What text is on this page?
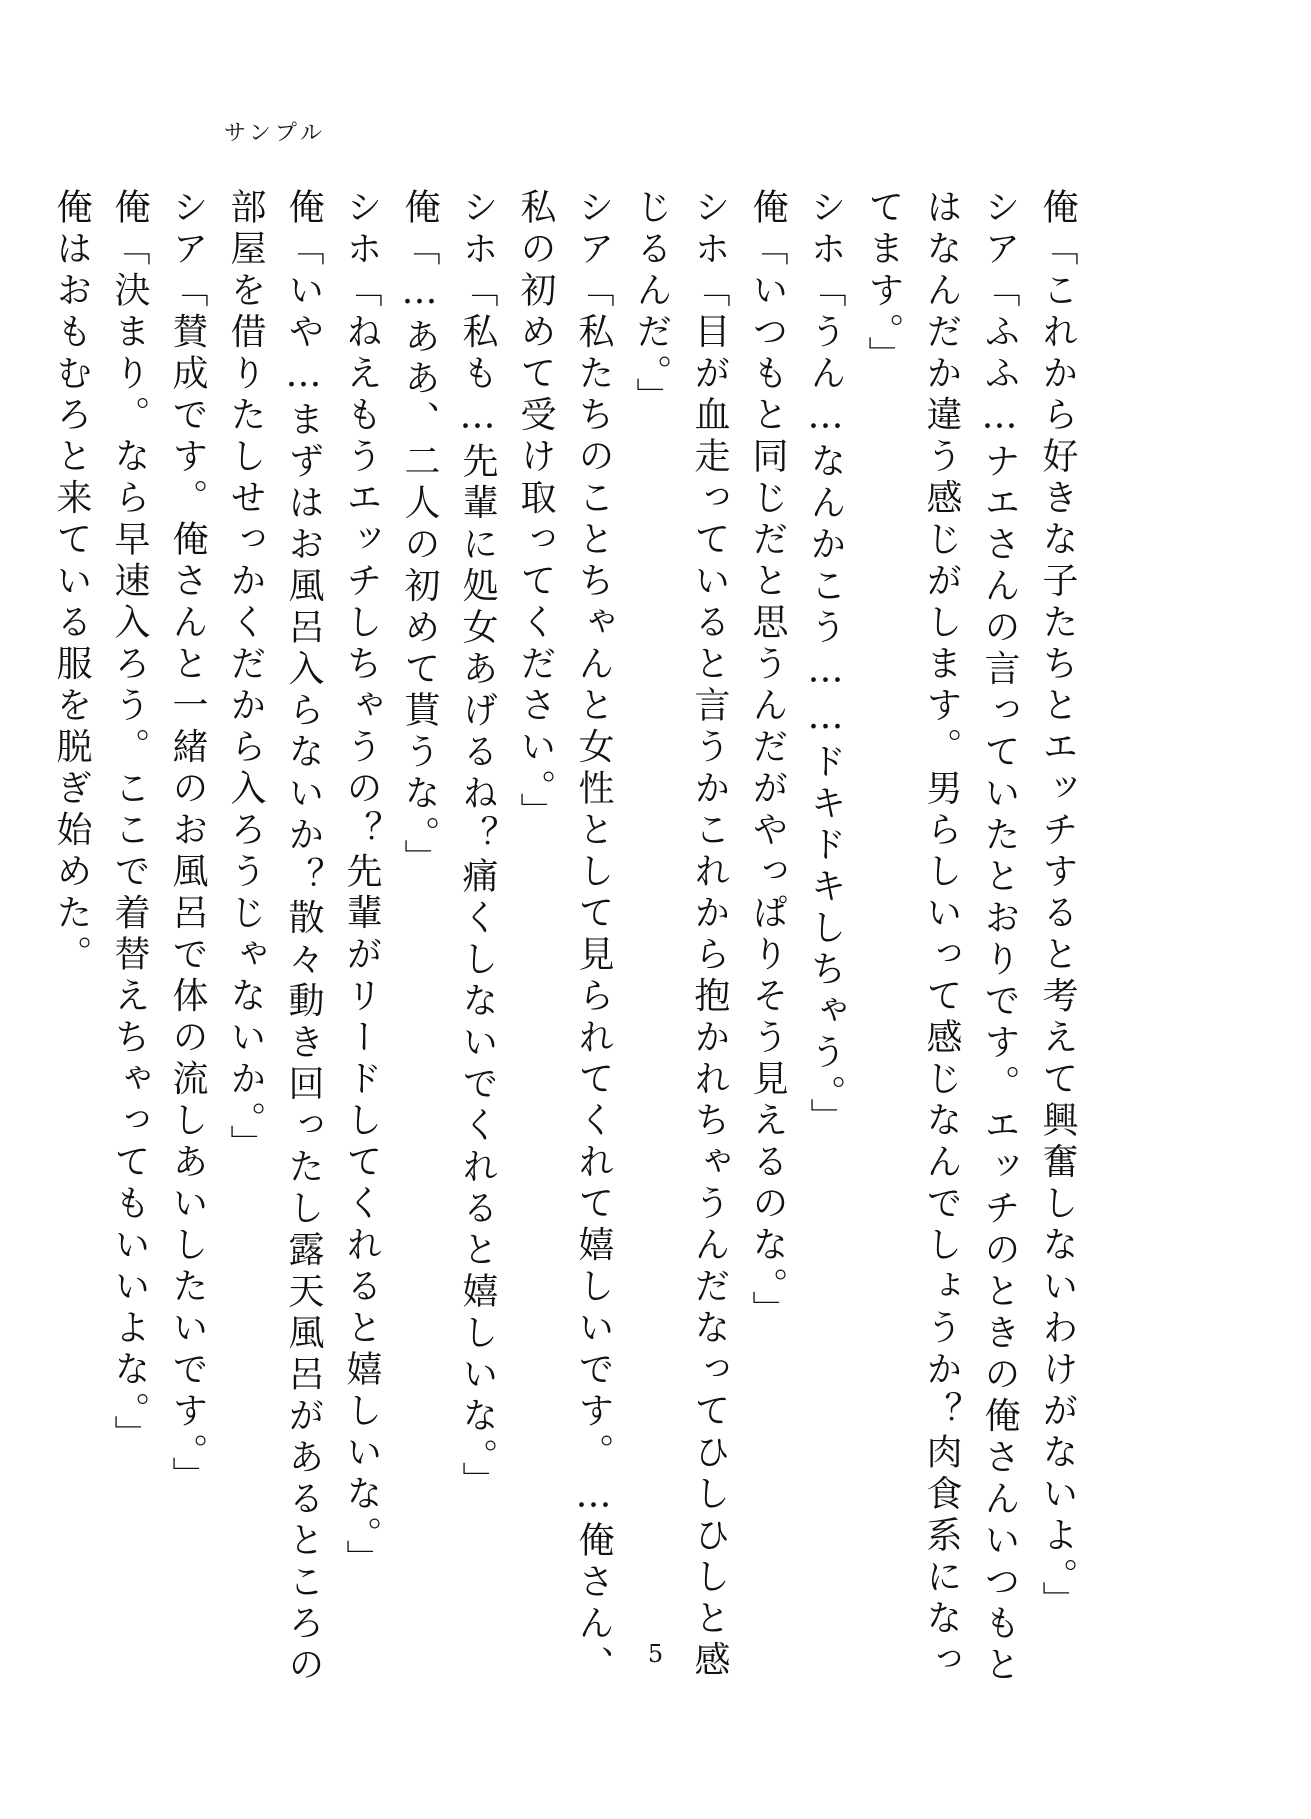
サンプル

俺「これから好きな子たちとエッチすると考えて興奮しないわけがないよ。」

シア「ふふ…ナエさんの言っていたとおりです。エッチのときの俺さんいつもとはなんだか違う感じがします。男らしいって感じなんでしょうか？肉食系になってます。」

シホ「うん…なんかこう……ドキドキしちゃう。」

俺「いつもと同じだと思うんだがやっぱりそう見えるのな。」

シホ「目が血走っていると言うかこれから抱かれちゃうんだなってひしひしと感じるんだ。」

シア「私たちのことちゃんと女性として見られてくれて嬉しいです。…俺さん、私の初めて受け取ってください。」

シホ「私も…先輩に処女あげるね？痛くしないでくれると嬉しいな。」

俺「…ああ、二人の初めて貰うな。」

シホ「ねえもうエッチしちゃうの？先輩がリードしてくれると嬉しいな。」

俺「いや…まずはお風呂入らないか？散々動き回ったし露天風呂があるところの部屋を借りたしせっかくだから入ろうじゃないか。」

シア「賛成です。俺さんと一緒のお風呂で体の流しあいしたいです。」

俺「決まり。なら早速入ろう。ここで着替えちゃってもいいよな。」

俺はおもむろと来ている服を脱ぎ始めた。

5
